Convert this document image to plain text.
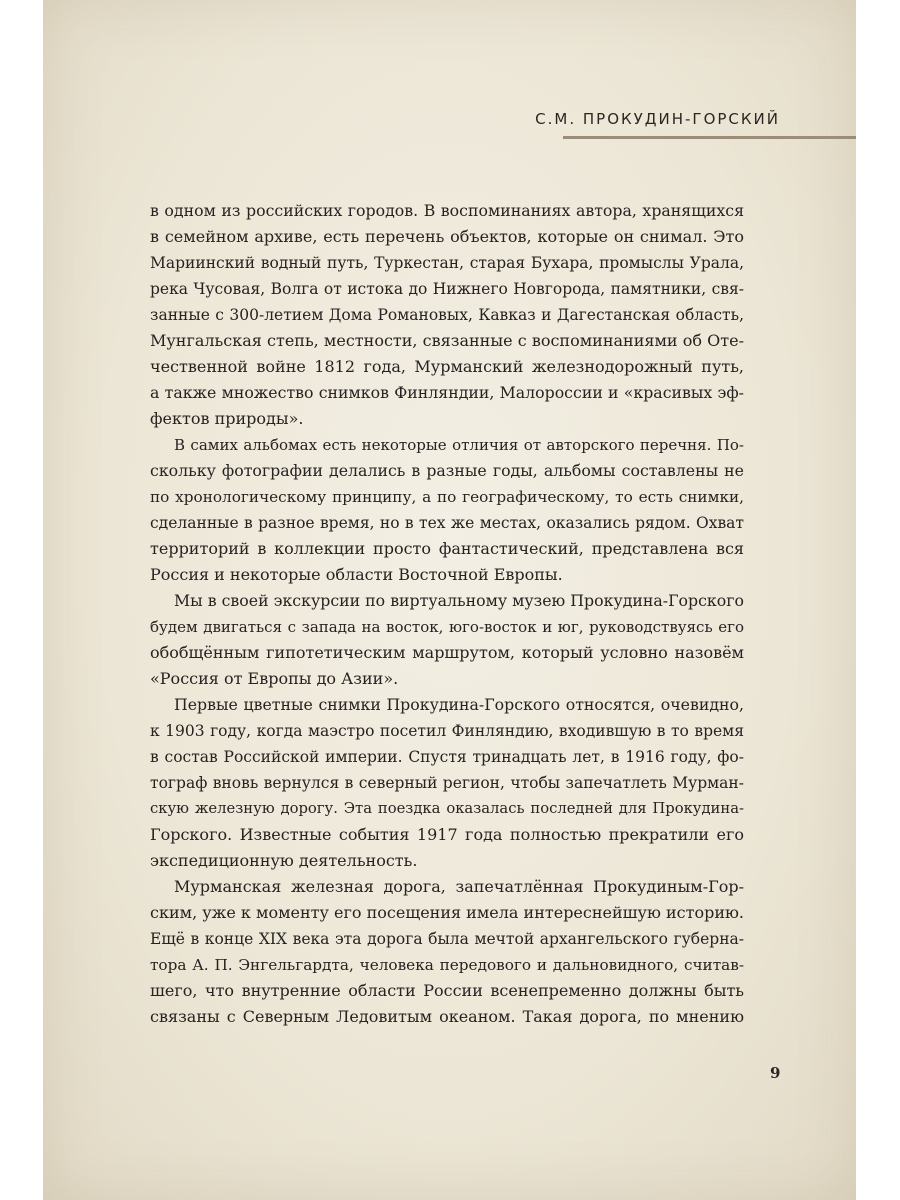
С.М. ПРОКУДИН-ГОРСКИЙ
в одном из российских городов. В воспоминаниях автора, хранящихся
в семейном архиве, есть перечень объектов, которые он снимал. Это
Мариинский водный путь, Туркестан, старая Бухара, промыслы Урала,
река Чусовая, Волга от истока до Нижнего Новгорода, памятники, свя-
занные с 300-летием Дома Романовых, Кавказ и Дагестанская область,
Мунгальская степь, местности, связанные с воспоминаниями об Оте-
чественной войне 1812 года, Мурманский железнодорожный путь,
а также множество снимков Финляндии, Малороссии и «красивых эф-
фектов природы».
В самих альбомах есть некоторые отличия от авторского перечня. По-
скольку фотографии делались в разные годы, альбомы составлены не
по хронологическому принципу, а по географическому, то есть снимки,
сделанные в разное время, но в тех же местах, оказались рядом. Охват
территорий в коллекции просто фантастический, представлена вся
Россия и некоторые области Восточной Европы.
Мы в своей экскурсии по виртуальному музею Прокудина-Горского
будем двигаться с запада на восток, юго-восток и юг, руководствуясь его
обобщённым гипотетическим маршрутом, который условно назовём
«Россия от Европы до Азии».
Первые цветные снимки Прокудина-Горского относятся, очевидно,
к 1903 году, когда маэстро посетил Финляндию, входившую в то время
в состав Российской империи. Спустя тринадцать лет, в 1916 году, фо-
тограф вновь вернулся в северный регион, чтобы запечатлеть Мурман-
скую железную дорогу. Эта поездка оказалась последней для Прокудина-
Горского. Известные события 1917 года полностью прекратили его
экспедиционную деятельность.
Мурманская железная дорога, запечатлённая Прокудиным-Гор-
ским, уже к моменту его посещения имела интереснейшую историю.
Ещё в конце XIX века эта дорога была мечтой архангельского губерна-
тора А. П. Энгельгардта, человека передового и дальновидного, считав-
шего, что внутренние области России всенепременно должны быть
связаны с Северным Ледовитым океаном. Такая дорога, по мнению
9
